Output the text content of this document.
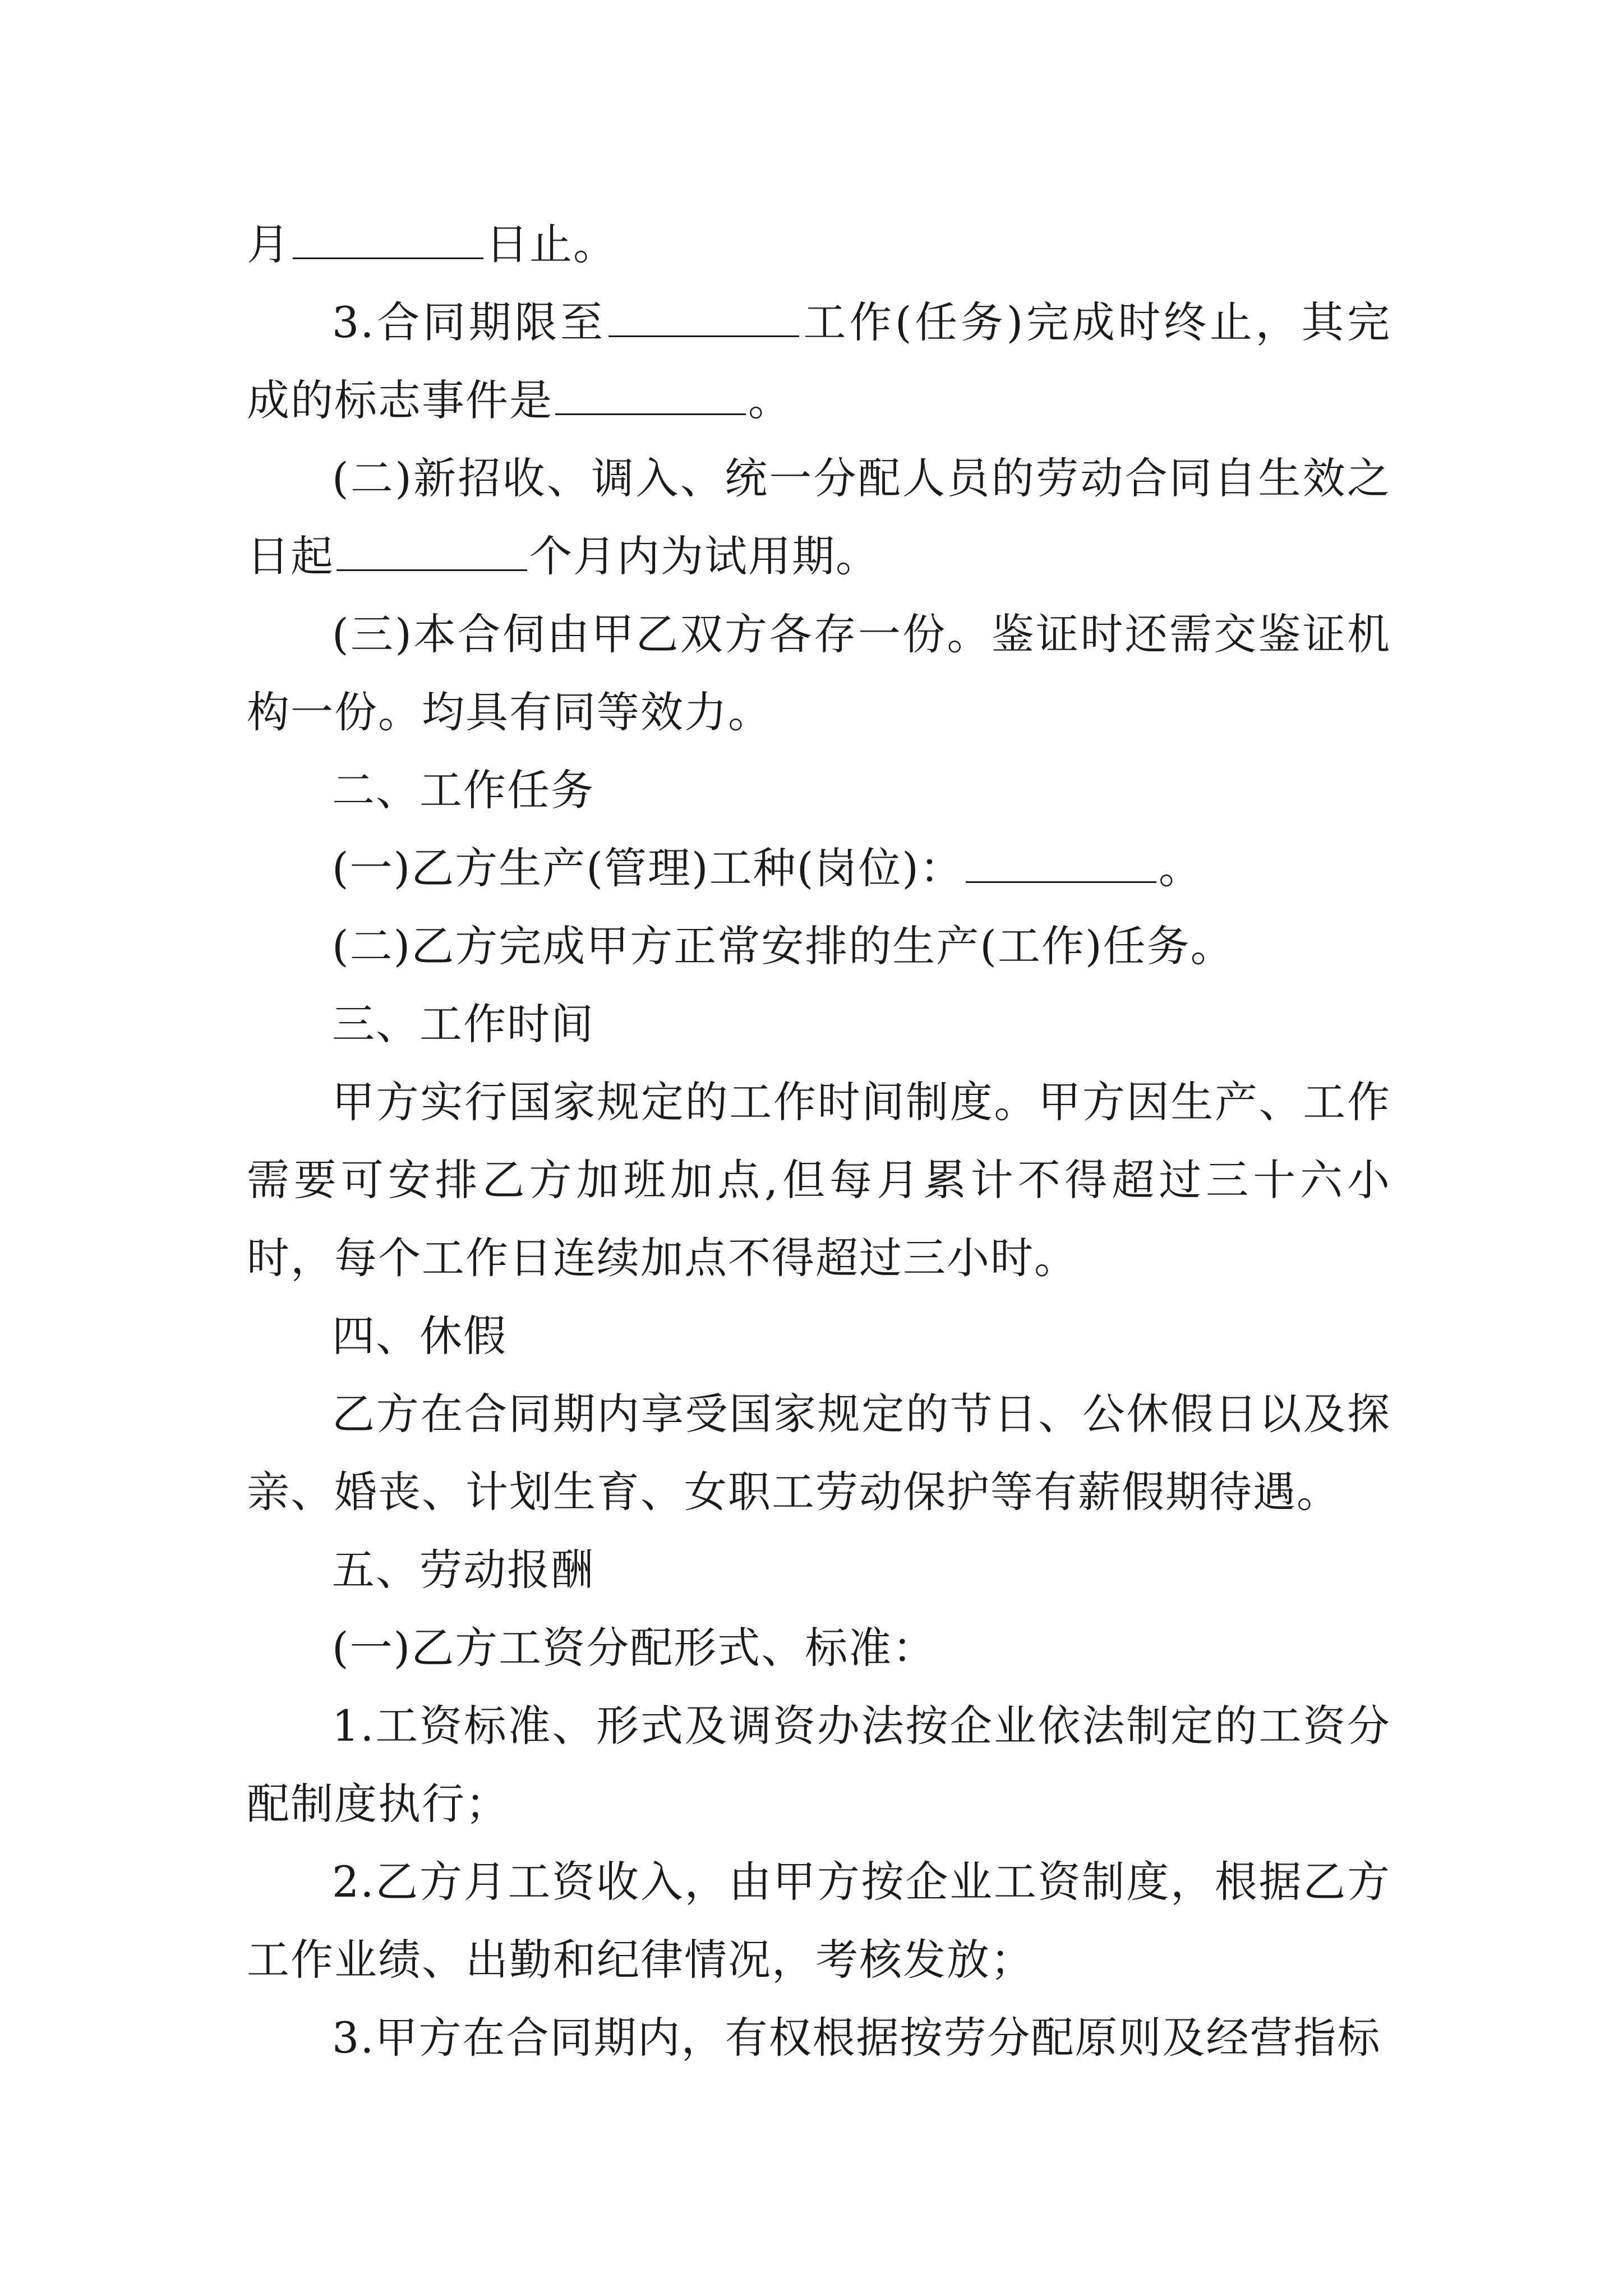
月	日止。

3.合同期限至	工作(任务)完成时终止，其完成的标志事件是	。

(二)新招收、调入、统一分配人员的劳动合同自生效之日起	个月内为试用期。

(三)本合伺由甲乙双方各存一份。鉴证时还需交鉴证机构一份。均具有同等效力。

二、工作任务

(一)乙方生产(管理)工种(岗位)：	。

(二)乙方完成甲方正常安排的生产(工作)任务。

三、工作时间

甲方实行国家规定的工作时间制度。甲方因生产、工作需要可安排乙方加班加点,但每月累计不得超过三十六小时，每个工作日连续加点不得超过三小时。

四、休假

乙方在合同期内享受国家规定的节日、公休假日以及探亲、婚丧、计划生育、女职工劳动保护等有薪假期待遇。

五、劳动报酬

(一)乙方工资分配形式、标准：

1.工资标准、形式及调资办法按企业依法制定的工资分配制度执行；

2.乙方月工资收入，由甲方按企业工资制度，根据乙方工作业绩、出勤和纪律情况，考核发放；

3.甲方在合同期内，有权根据按劳分配原则及经营指标
